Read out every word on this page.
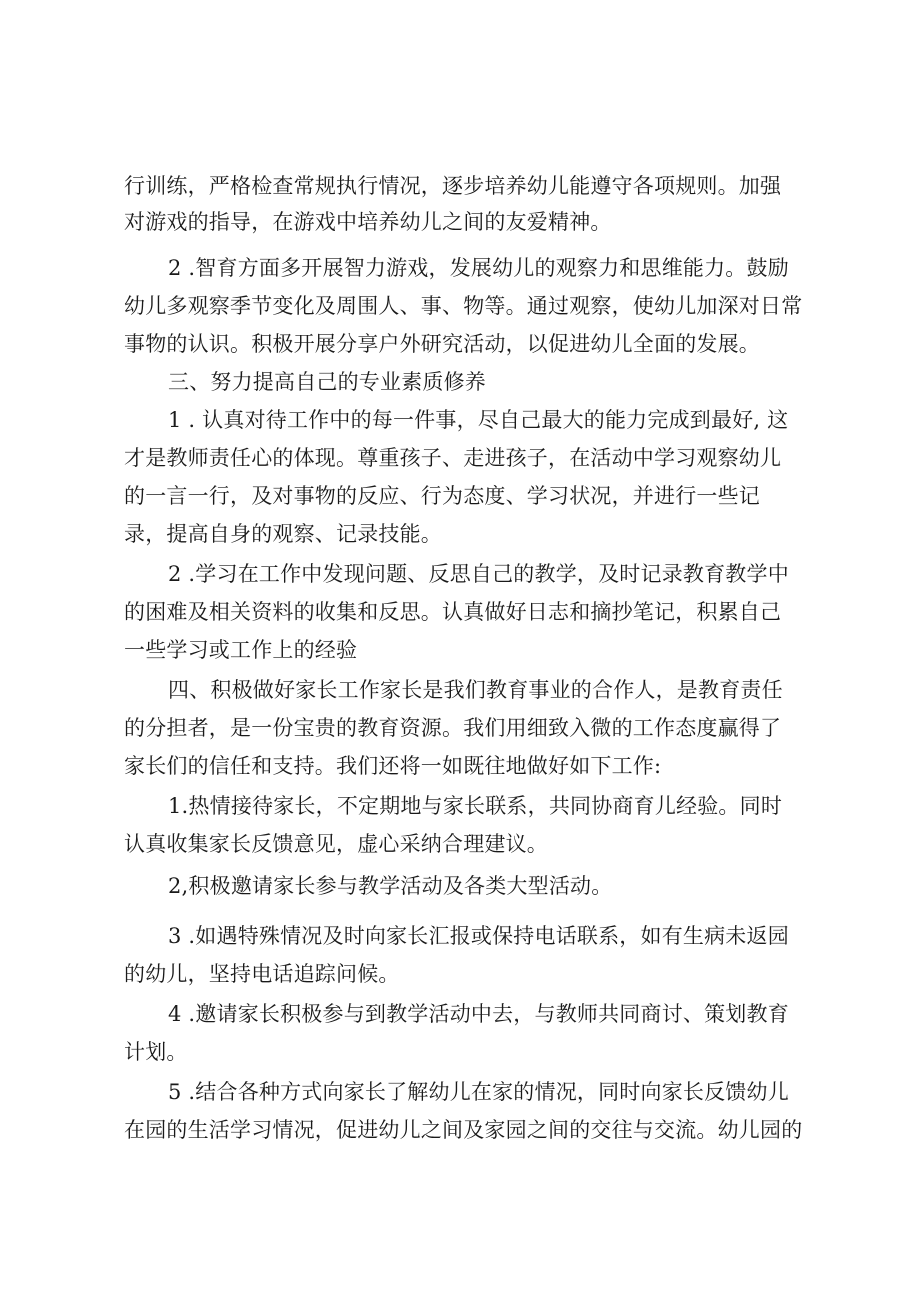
行训练，严格检查常规执行情况，逐步培养幼儿能遵守各项规则。加强
对游戏的指导，在游戏中培养幼儿之间的友爱精神。
2 .智育方面多开展智力游戏，发展幼儿的观察力和思维能力。鼓励
幼儿多观察季节变化及周围人、事、物等。通过观察，使幼儿加深对日常
事物的认识。积极开展分享户外研究活动，以促进幼儿全面的发展。
三、努力提高自己的专业素质修养
1 . 认真对待工作中的每一件事，尽自己最大的能力完成到最好, 这
才是教师责任心的体现。尊重孩子、走进孩子，在活动中学习观察幼儿
的一言一行，及对事物的反应、行为态度、学习状况，并进行一些记
录，提高自身的观察、记录技能。
2 .学习在工作中发现问题、反思自己的教学，及时记录教育教学中
的困难及相关资料的收集和反思。认真做好日志和摘抄笔记，积累自己
一些学习或工作上的经验
四、积极做好家长工作家长是我们教育事业的合作人，是教育责任
的分担者，是一份宝贵的教育资源。我们用细致入微的工作态度赢得了
家长们的信任和支持。我们还将一如既往地做好如下工作:
1.热情接待家长，不定期地与家长联系，共同协商育儿经验。同时
认真收集家长反馈意见，虚心采纳合理建议。
2,积极邀请家长参与教学活动及各类大型活动。
3 .如遇特殊情况及时向家长汇报或保持电话联系，如有生病未返园
的幼儿，坚持电话追踪问候。
4 .邀请家长积极参与到教学活动中去，与教师共同商讨、策划教育
计划。
5 .结合各种方式向家长了解幼儿在家的情况，同时向家长反馈幼儿
在园的生活学习情况，促进幼儿之间及家园之间的交往与交流。幼儿园的
